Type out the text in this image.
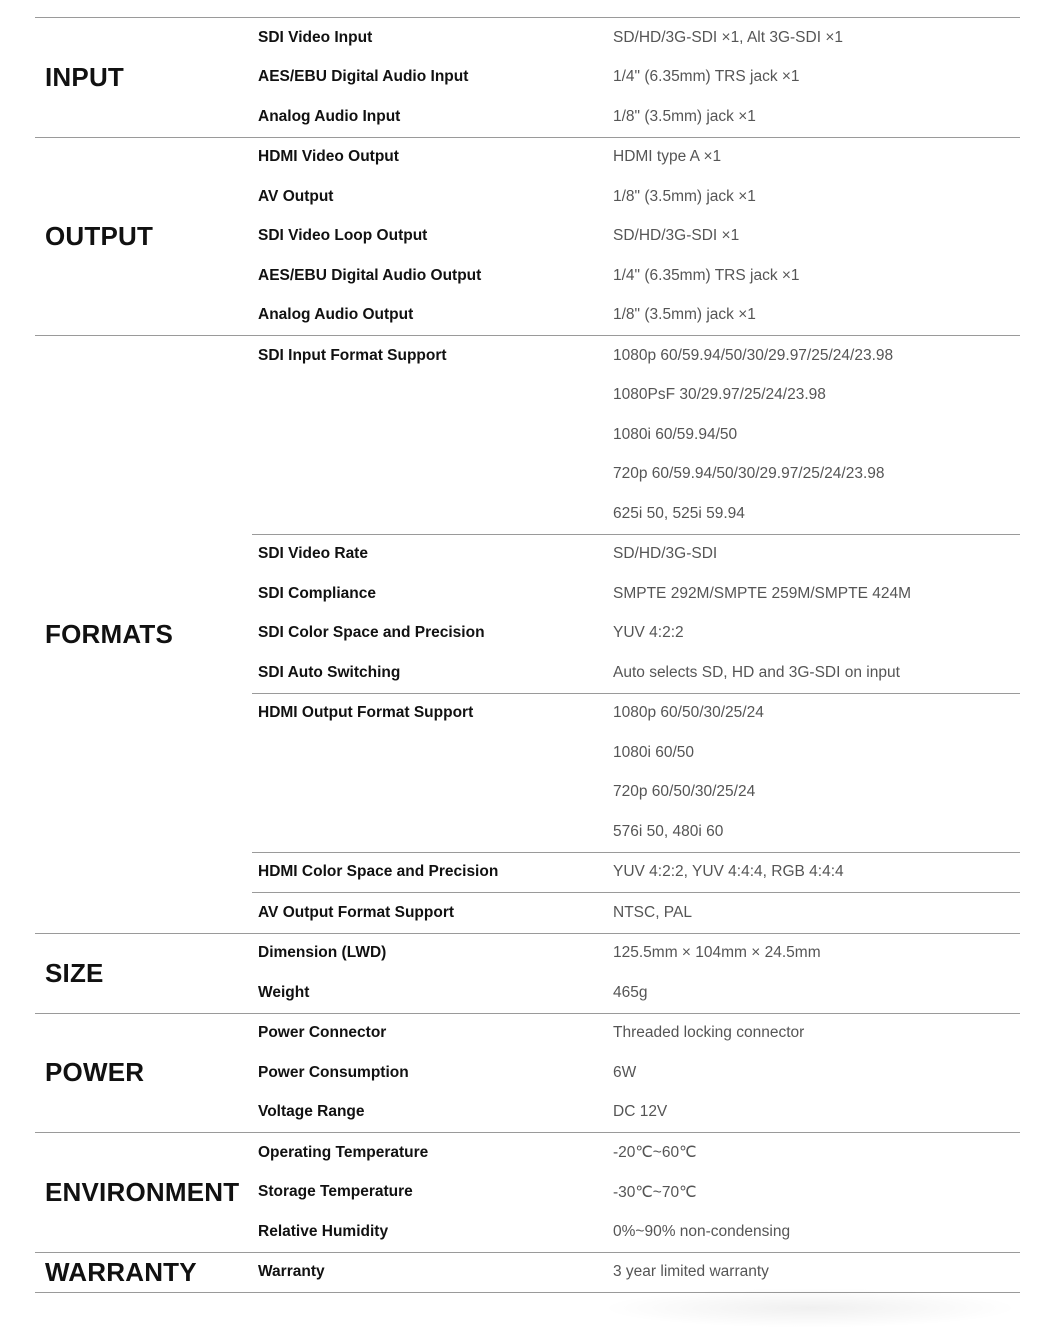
INPUT
SDI Video Input	SD/HD/3G-SDI ×1, Alt 3G-SDI ×1
AES/EBU Digital Audio Input	1/4" (6.35mm) TRS jack ×1
Analog Audio Input	1/8" (3.5mm) jack ×1
OUTPUT
HDMI Video Output	HDMI type A ×1
AV Output	1/8" (3.5mm) jack ×1
SDI Video Loop Output	SD/HD/3G-SDI ×1
AES/EBU Digital Audio Output	1/4" (6.35mm) TRS jack ×1
Analog Audio Output	1/8" (3.5mm) jack ×1
FORMATS
SDI Input Format Support	1080p 60/59.94/50/30/29.97/25/24/23.98
1080PsF 30/29.97/25/24/23.98
1080i 60/59.94/50
720p 60/59.94/50/30/29.97/25/24/23.98
625i 50, 525i 59.94
SDI Video Rate	SD/HD/3G-SDI
SDI Compliance	SMPTE 292M/SMPTE 259M/SMPTE 424M
SDI Color Space and Precision	YUV 4:2:2
SDI Auto Switching	Auto selects SD, HD and 3G-SDI on input
HDMI Output Format Support	1080p 60/50/30/25/24
1080i 60/50
720p 60/50/30/25/24
576i 50, 480i 60
HDMI Color Space and Precision	YUV 4:2:2, YUV 4:4:4, RGB 4:4:4
AV Output Format Support	NTSC, PAL
SIZE
Dimension (LWD)	125.5mm × 104mm × 24.5mm
Weight	465g
POWER
Power Connector	Threaded locking connector
Power Consumption	6W
Voltage Range	DC 12V
ENVIRONMENT
Operating Temperature	-20℃~60℃
Storage Temperature	-30℃~70℃
Relative Humidity	0%~90% non-condensing
WARRANTY	Warranty	3 year limited warranty
